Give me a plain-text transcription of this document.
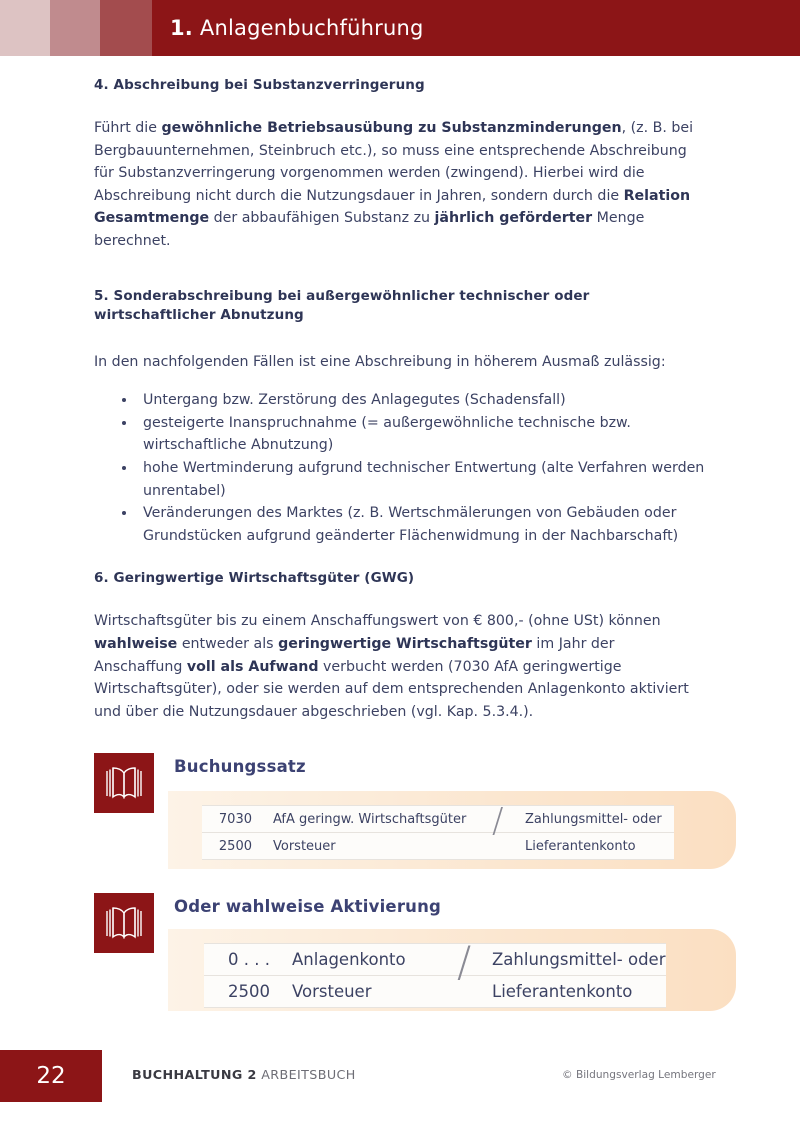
1. Anlagenbuchführung
4. Abschreibung bei Substanzverringerung

Führt die gewöhnliche Betriebsausübung zu Substanzminderungen, (z. B. bei Bergbauunternehmen, Steinbruch etc.), so muss eine entsprechende Abschreibung für Substanzverringerung vorgenommen werden (zwingend). Hierbei wird die Abschreibung nicht durch die Nutzungsdauer in Jahren, sondern durch die Relation Gesamtmenge der abbaufähigen Substanz zu jährlich geförderter Menge berechnet.

5. Sonderabschreibung bei außergewöhnlicher technischer oder wirtschaftlicher Abnutzung

In den nachfolgenden Fällen ist eine Abschreibung in höherem Ausmaß zulässig:

Untergang bzw. Zerstörung des Anlagegutes (Schadensfall)
gesteigerte Inanspruchnahme (= außergewöhnliche technische bzw. wirtschaftliche Abnutzung)
hohe Wertminderung aufgrund technischer Entwertung (alte Verfahren werden unrentabel)
Veränderungen des Marktes (z. B. Wertschmälerungen von Gebäuden oder Grundstücken aufgrund geänderter Flächenwidmung in der Nachbarschaft)
6. Geringwertige Wirtschaftsgüter (GWG)

Wirtschaftsgüter bis zu einem Anschaffungswert von € 800,- (ohne USt) können wahlweise entweder als geringwertige Wirtschaftsgüter im Jahr der Anschaffung voll als Aufwand verbucht werden (7030 AfA geringwertige Wirtschaftsgüter), oder sie werden auf dem entsprechenden Anlagenkonto aktiviert und über die Nutzungsdauer abgeschrieben (vgl. Kap. 5.3.4.).

Buchungssatz
7030	AfA geringw. Wirtschaftsgüter	Zahlungsmittel- oder
2500	Vorsteuer	Lieferantenkonto
/
Oder wahlweise Aktivierung
0 . . .	Anlagenkonto	Zahlungsmittel- oder
2500	Vorsteuer	Lieferantenkonto
/
22	BUCHHALTUNG 2 ARBEITSBUCH	© Bildungsverlag Lemberger
